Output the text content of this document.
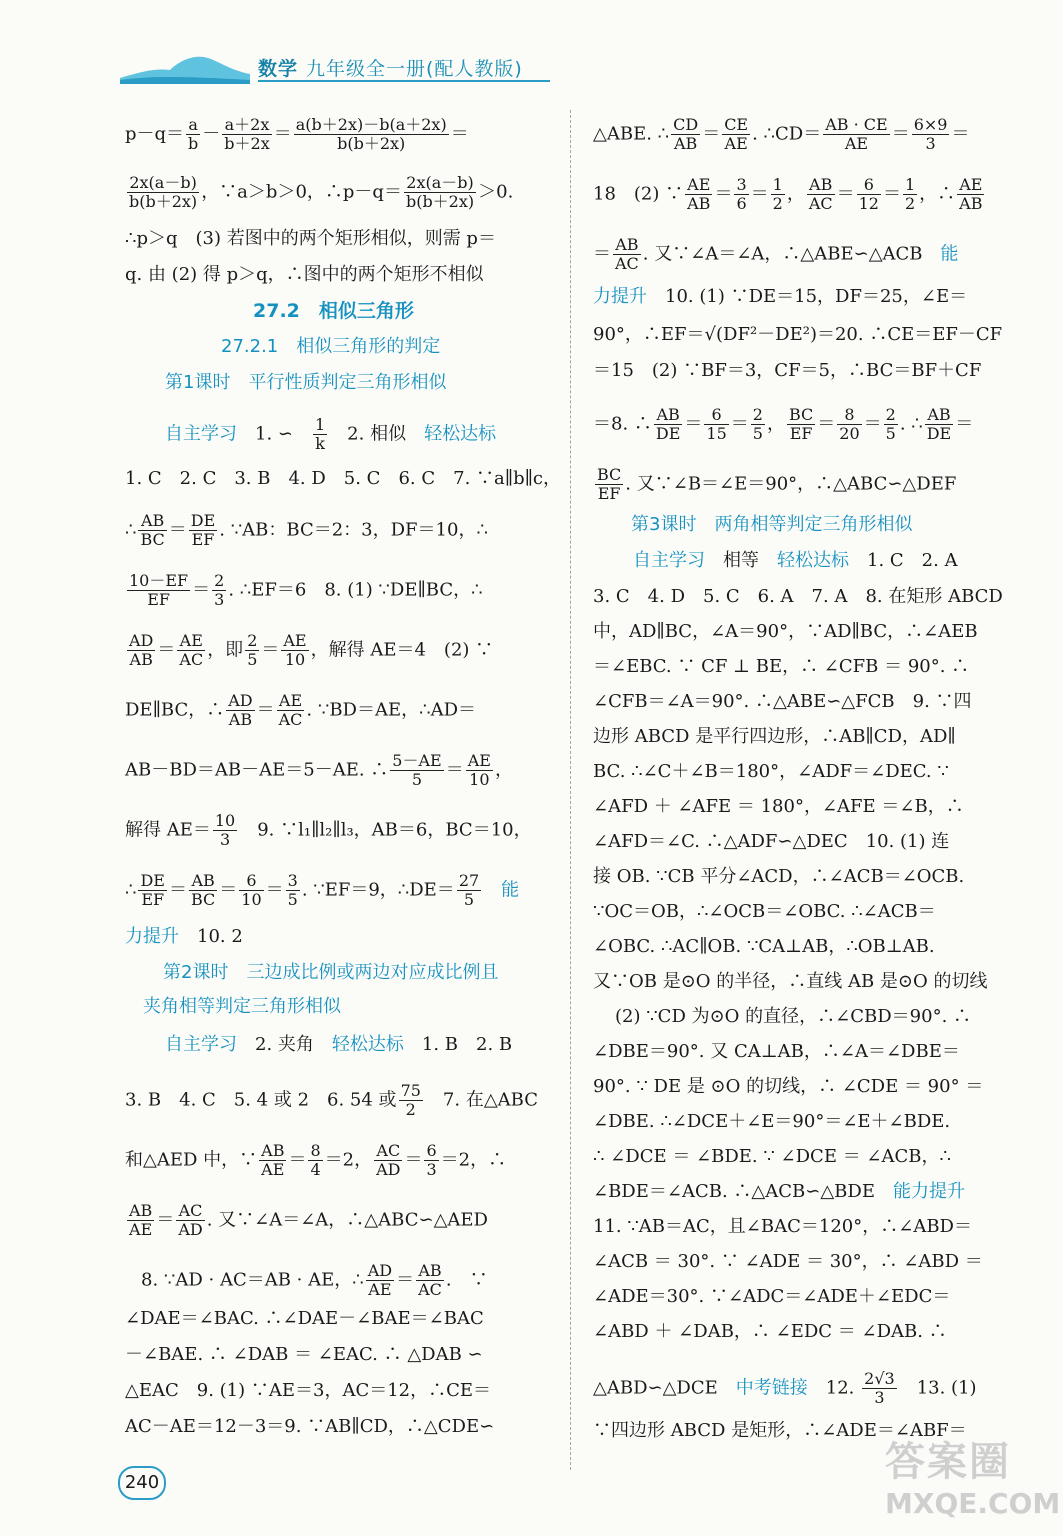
数学 九年级全一册(配人教版)
$p-q= \frac{a}{b} - \frac{a+2x}{b+2x} = \frac{a(b+2x)-b(a+2x)}{b(b+2x)}$ ＝
$\frac{2x(a-b)}{b(b+2x)}$ ，∵a＞b＞0，∴p－q＝ $\frac{2x(a-b)}{b(b+2x)} >0$.
∴p＞q　(3) 若图中的两个矩形相似，则需 p＝
q. 由 (2) 得 p＞q，∴图中的两个矩形不相似
27.2　相似三角形
27.2.1　相似三角形的判定
第1课时　平行性质判定三角形相似
自主学习　1. ∽　 $\frac{1}{k}$ 　2. 相似　轻松达标
1. C　2. C　3. B　4. D　5. C　6. C　7. ∵a∥b∥c，
∴ $\frac{AB}{BC} = \frac{DE}{EF}$ . ∵AB：BC＝2：3，DF＝10，∴
$\frac{10-EF}{EF} = \frac{2}{3}$ . ∴EF＝6　8. (1) ∵DE∥BC，∴
$\frac{AD}{AB} = \frac{AE}{AC}$ ，即 $\frac{2}{5} = \frac{AE}{10}$ ，解得 AE＝4　(2) ∵
DE∥BC，∴ $\frac{AD}{AB} = \frac{AE}{AC}$ . ∵BD＝AE，∴AD＝
AB－BD＝AB－AE＝5－AE. ∴ $\frac{5-AE}{5} = \frac{AE}{10}$ ，
解得 $AE= \frac{10}{3}$ 　9. ∵l₁∥l₂∥l₃，AB＝6，BC＝10，
∴ $\frac{DE}{EF} = \frac{AB}{BC} = \frac{6}{10} = \frac{3}{5}$ . ∵EF＝9，∴DE＝ $\frac{27}{5}$ 　能
力提升　10. 2
第2课时　三边成比例或两边对应成比例且
夹角相等判定三角形相似
自主学习　2. 夹角　轻松达标　1. B　2. B
3. B　4. C　5. 4 或 2　6. 54 或 $\frac{75}{2}$ 　7. 在△ABC
和△AED 中，∵ $\frac{AB}{AE} = \frac{8}{4} =2$， $\frac{AC}{AD} = \frac{6}{3} =2$，∴
$\frac{AB}{AE} = \frac{AC}{AD}$ . 又∵∠A＝∠A，∴△ABC∽△AED
8. ∵AD · AC＝AB · AE，∴ $\frac{AD}{AE} = \frac{AB}{AC}$ .　∵
∠DAE＝∠BAC. ∴∠DAE－∠BAE＝∠BAC
－∠BAE. ∴ ∠DAB ＝ ∠EAC. ∴ △DAB ∽
△EAC　9. (1) ∵AE＝3，AC＝12，∴CE＝
AC－AE＝12－3＝9. ∵AB∥CD，∴△CDE∽
△ABE. ∴ $\frac{CD}{AB} = \frac{CE}{AE}$ . ∴CD＝ $\frac{AB \cdot CE}{AE} = \frac{6\times 9}{3}$ ＝
18　(2) ∵ $\frac{AE}{AB} = \frac{3}{6} = \frac{1}{2}$ ， $\frac{AB}{AC} = \frac{6}{12} = \frac{1}{2}$ ，∴ $\frac{AE}{AB}$
＝ $\frac{AB}{AC}$ . 又∵∠A＝∠A，∴△ABE∽△ACB　能
力提升　10. (1) ∵DE＝15，DF＝25，∠E＝
90°，∴EF＝√(DF²－DE²)＝20. ∴CE＝EF－CF
＝15　(2) ∵BF＝3，CF＝5，∴BC＝BF＋CF
＝8. ∴ $\frac{AB}{DE} = \frac{6}{15} = \frac{2}{5}$ ， $\frac{BC}{EF} = \frac{8}{20} = \frac{2}{5}$ . ∴ $\frac{AB}{DE}$ ＝
$\frac{BC}{EF}$ . 又∵∠B＝∠E＝90°，∴△ABC∽△DEF
第3课时　两角相等判定三角形相似
自主学习　相等　轻松达标　1. C　2. A
3. C　4. D　5. C　6. A　7. A　8. 在矩形 ABCD
中，AD∥BC，∠A＝90°，∵AD∥BC，∴∠AEB
＝∠EBC. ∵ CF ⊥ BE，∴ ∠CFB ＝ 90°. ∴
∠CFB＝∠A＝90°. ∴△ABE∽△FCB　9. ∵四
边形 ABCD 是平行四边形，∴AB∥CD，AD∥
BC. ∴∠C＋∠B＝180°，∠ADF＝∠DEC. ∵
∠AFD ＋ ∠AFE ＝ 180°，∠AFE ＝∠B，∴
∠AFD＝∠C. ∴△ADF∽△DEC　10. (1) 连
接 OB. ∵CB 平分∠ACD，∴∠ACB＝∠OCB.
∵OC＝OB，∴∠OCB＝∠OBC. ∴∠ACB＝
∠OBC. ∴AC∥OB. ∵CA⊥AB，∴OB⊥AB.
又∵OB 是⊙O 的半径，∴直线 AB 是⊙O 的切线
(2) ∵CD 为⊙O 的直径，∴∠CBD＝90°. ∴
∠DBE＝90°. 又 CA⊥AB，∴∠A＝∠DBE＝
90°. ∵ DE 是 ⊙O 的切线，∴ ∠CDE ＝ 90° ＝
∠DBE. ∴∠DCE＋∠E＝90°＝∠E＋∠BDE.
∴ ∠DCE ＝ ∠BDE. ∵ ∠DCE ＝ ∠ACB，∴
∠BDE＝∠ACB. ∴△ACB∽△BDE　能力提升
11. ∵AB＝AC，且∠BAC＝120°，∴∠ABD＝
∠ACB ＝ 30°. ∵ ∠ADE ＝ 30°，∴ ∠ABD ＝
∠ADE＝30°. ∵∠ADC＝∠ADE＋∠EDC＝
∠ABD ＋ ∠DAB，∴ ∠EDC ＝ ∠DAB. ∴
△ABD∽△DCE　中考链接　12. $\frac{2√3}{3}$ 　13. (1)
∵四边形 ABCD 是矩形，∴∠ADE＝∠ABF＝
240	答案圈
MXQE.COM
